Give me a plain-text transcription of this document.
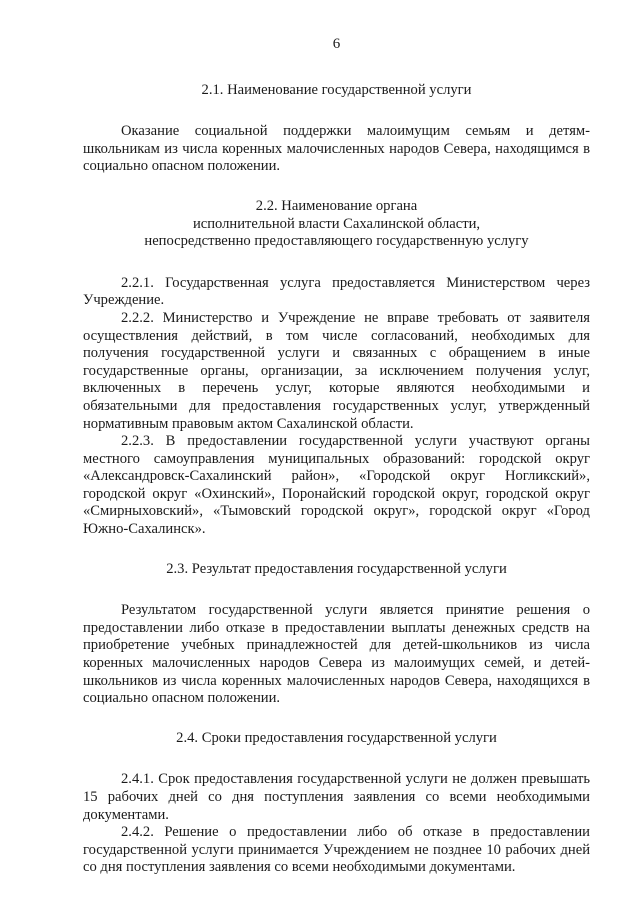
6

2.1. Наименование государственной услуги

Оказание социальной поддержки малоимущим семьям и детям-школьникам из числа коренных малочисленных народов Севера, находящимся в социально опасном положении.

2.2. Наименование органа

исполнительной власти Сахалинской области,

непосредственно предоставляющего государственную услугу

2.2.1. Государственная услуга предоставляется Министерством через Учреждение.

2.2.2. Министерство и Учреждение не вправе требовать от заявителя осуществления действий, в том числе согласований, необходимых для получения государственной услуги и связанных с обращением в иные государственные органы, организации, за исключением получения услуг, включенных в перечень услуг, которые являются необходимыми и обязательными для предоставления государственных услуг, утвержденный нормативным правовым актом Сахалинской области.

2.2.3. В предоставлении государственной услуги участвуют органы местного самоуправления муниципальных образований: городской округ «Александровск-Сахалинский район», «Городской округ Ногликский», городской округ «Охинский», Поронайский городской округ, городской округ «Смирныховский», «Тымовский городской округ», городской округ «Город Южно-Сахалинск».

2.3. Результат предоставления государственной услуги

Результатом государственной услуги является принятие решения о предоставлении либо отказе в предоставлении выплаты денежных средств на приобретение учебных принадлежностей для детей-школьников из числа коренных малочисленных народов Севера из малоимущих семей, и детей-школьников из числа коренных малочисленных народов Севера, находящихся в социально опасном положении.

2.4. Сроки предоставления государственной услуги

2.4.1. Срок предоставления государственной услуги не должен превышать 15 рабочих дней со дня поступления заявления со всеми необходимыми документами.

2.4.2. Решение о предоставлении либо об отказе в предоставлении государственной услуги принимается Учреждением не позднее 10 рабочих дней со дня поступления заявления со всеми необходимыми документами.
